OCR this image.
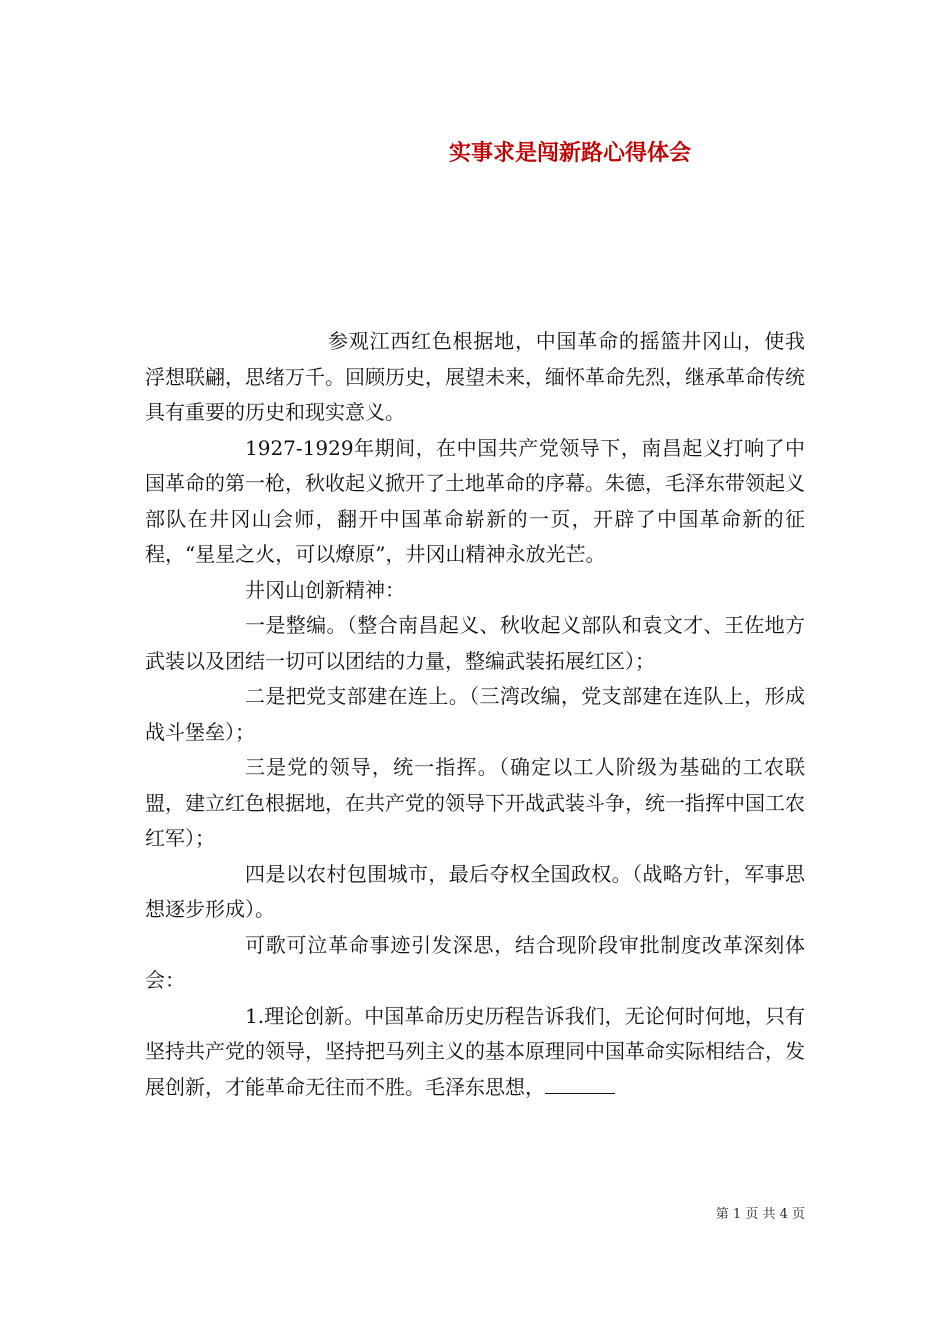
实事求是闯新路心得体会

参观江西红色根据地，中国革命的摇篮井冈山，使我浮想联翩，思绪万千。回顾历史，展望未来，缅怀革命先烈，继承革命传统具有重要的历史和现实意义。

1927-1929年期间，在中国共产党领导下，南昌起义打响了中国革命的第一枪，秋收起义掀开了土地革命的序幕。朱德，毛泽东带领起义部队在井冈山会师，翻开中国革命崭新的一页，开辟了中国革命新的征程，“星星之火，可以燎原”，井冈山精神永放光芒。

井冈山创新精神：

一是整编。（整合南昌起义、秋收起义部队和袁文才、王佐地方武装以及团结一切可以团结的力量，整编武装拓展红区）；

二是把党支部建在连上。（三湾改编，党支部建在连队上，形成战斗堡垒）；

三是党的领导，统一指挥。（确定以工人阶级为基础的工农联盟，建立红色根据地，在共产党的领导下开战武装斗争，统一指挥中国工农红军）；

四是以农村包围城市，最后夺权全国政权。（战略方针，军事思想逐步形成）。

可歌可泣革命事迹引发深思，结合现阶段审批制度改革深刻体会：

1.理论创新。中国革命历史历程告诉我们，无论何时何地，只有坚持共产党的领导，坚持把马列主义的基本原理同中国革命实际相结合，发展创新，才能革命无往而不胜。毛泽东思想，

第 1 页 共 4 页
